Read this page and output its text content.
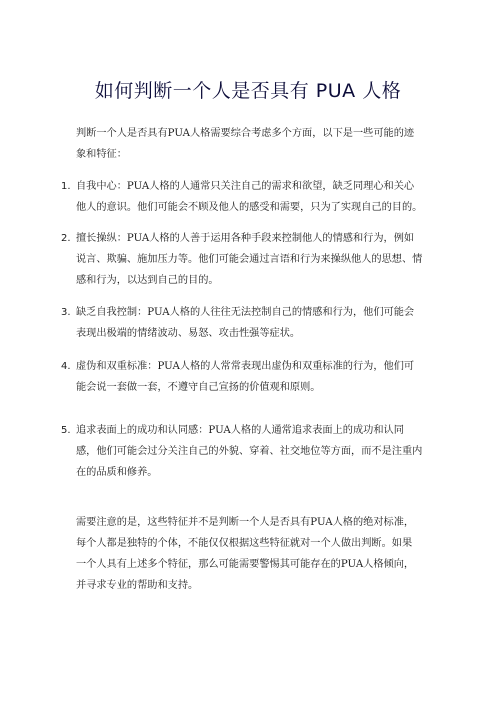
如何判断一个人是否具有 PUA 人格

判断一个人是否具有PUA人格需要综合考虑多个方面，以下是一些可能的迹象和特征：

1. 自我中心：PUA人格的人通常只关注自己的需求和欲望，缺乏同理心和关心他人的意识。他们可能会不顾及他人的感受和需要，只为了实现自己的目的。
2. 擅长操纵：PUA人格的人善于运用各种手段来控制他人的情感和行为，例如说言、欺骗、施加压力等。他们可能会通过言语和行为来操纵他人的思想、情感和行为，以达到自己的目的。
3. 缺乏自我控制：PUA人格的人往往无法控制自己的情感和行为，他们可能会表现出极端的情绪波动、易怒、攻击性强等症状。
4. 虚伪和双重标准：PUA人格的人常常表现出虚伪和双重标准的行为，他们可能会说一套做一套，不遵守自己宣扬的价值观和原则。
5. 追求表面上的成功和认同感：PUA人格的人通常追求表面上的成功和认同感，他们可能会过分关注自己的外貌、穿着、社交地位等方面，而不是注重内在的品质和修养。

需要注意的是，这些特征并不是判断一个人是否具有PUA人格的绝对标准，每个人都是独特的个体，不能仅仅根据这些特征就对一个人做出判断。如果一个人具有上述多个特征，那么可能需要警惕其可能存在的PUA人格倾向，并寻求专业的帮助和支持。
